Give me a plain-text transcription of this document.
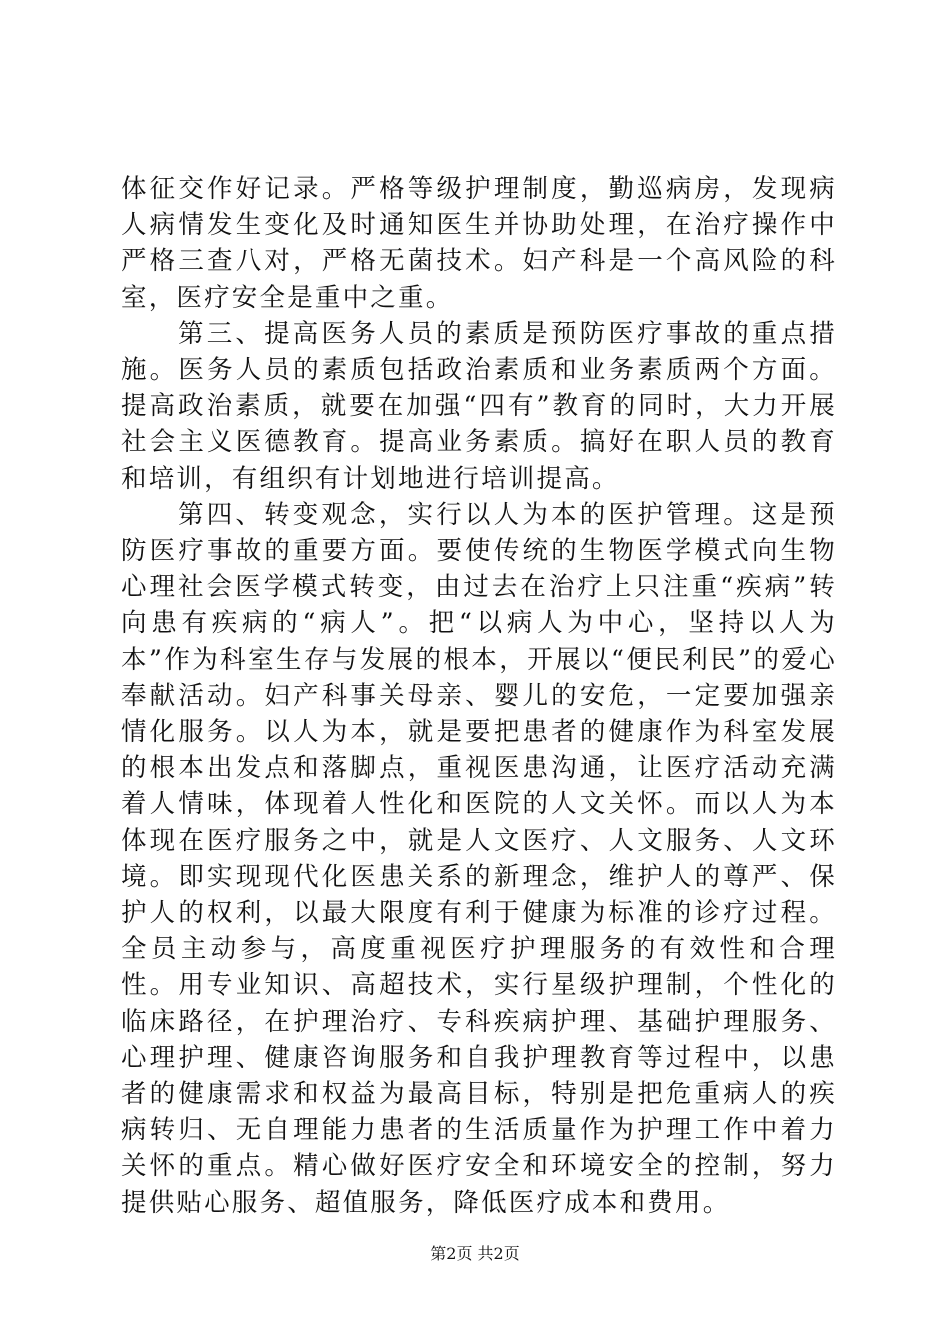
体征交作好记录。严格等级护理制度，勤巡病房，发现病人病情发生变化及时通知医生并协助处理，在治疗操作中严格三查八对，严格无菌技术。妇产科是一个高风险的科室，医疗安全是重中之重。

第三、提高医务人员的素质是预防医疗事故的重点措施。医务人员的素质包括政治素质和业务素质两个方面。提高政治素质，就要在加强“四有”教育的同时，大力开展社会主义医德教育。提高业务素质。搞好在职人员的教育和培训，有组织有计划地进行培训提高。

第四、转变观念，实行以人为本的医护管理。这是预防医疗事故的重要方面。要使传统的生物医学模式向生物心理社会医学模式转变，由过去在治疗上只注重“疾病”转向患有疾病的“病人”。把“以病人为中心，坚持以人为本”作为科室生存与发展的根本，开展以“便民利民”的爱心奉献活动。妇产科事关母亲、婴儿的安危，一定要加强亲情化服务。以人为本，就是要把患者的健康作为科室发展的根本出发点和落脚点，重视医患沟通，让医疗活动充满着人情味，体现着人性化和医院的人文关怀。而以人为本体现在医疗服务之中，就是人文医疗、人文服务、人文环境。即实现现代化医患关系的新理念，维护人的尊严、保护人的权利，以最大限度有利于健康为标准的诊疗过程。全员主动参与，高度重视医疗护理服务的有效性和合理性。用专业知识、高超技术，实行星级护理制，个性化的临床路径，在护理治疗、专科疾病护理、基础护理服务、心理护理、健康咨询服务和自我护理教育等过程中，以患者的健康需求和权益为最高目标，特别是把危重病人的疾病转归、无自理能力患者的生活质量作为护理工作中着力关怀的重点。精心做好医疗安全和环境安全的控制，努力提供贴心服务、超值服务，降低医疗成本和费用。

第2页 共2页
